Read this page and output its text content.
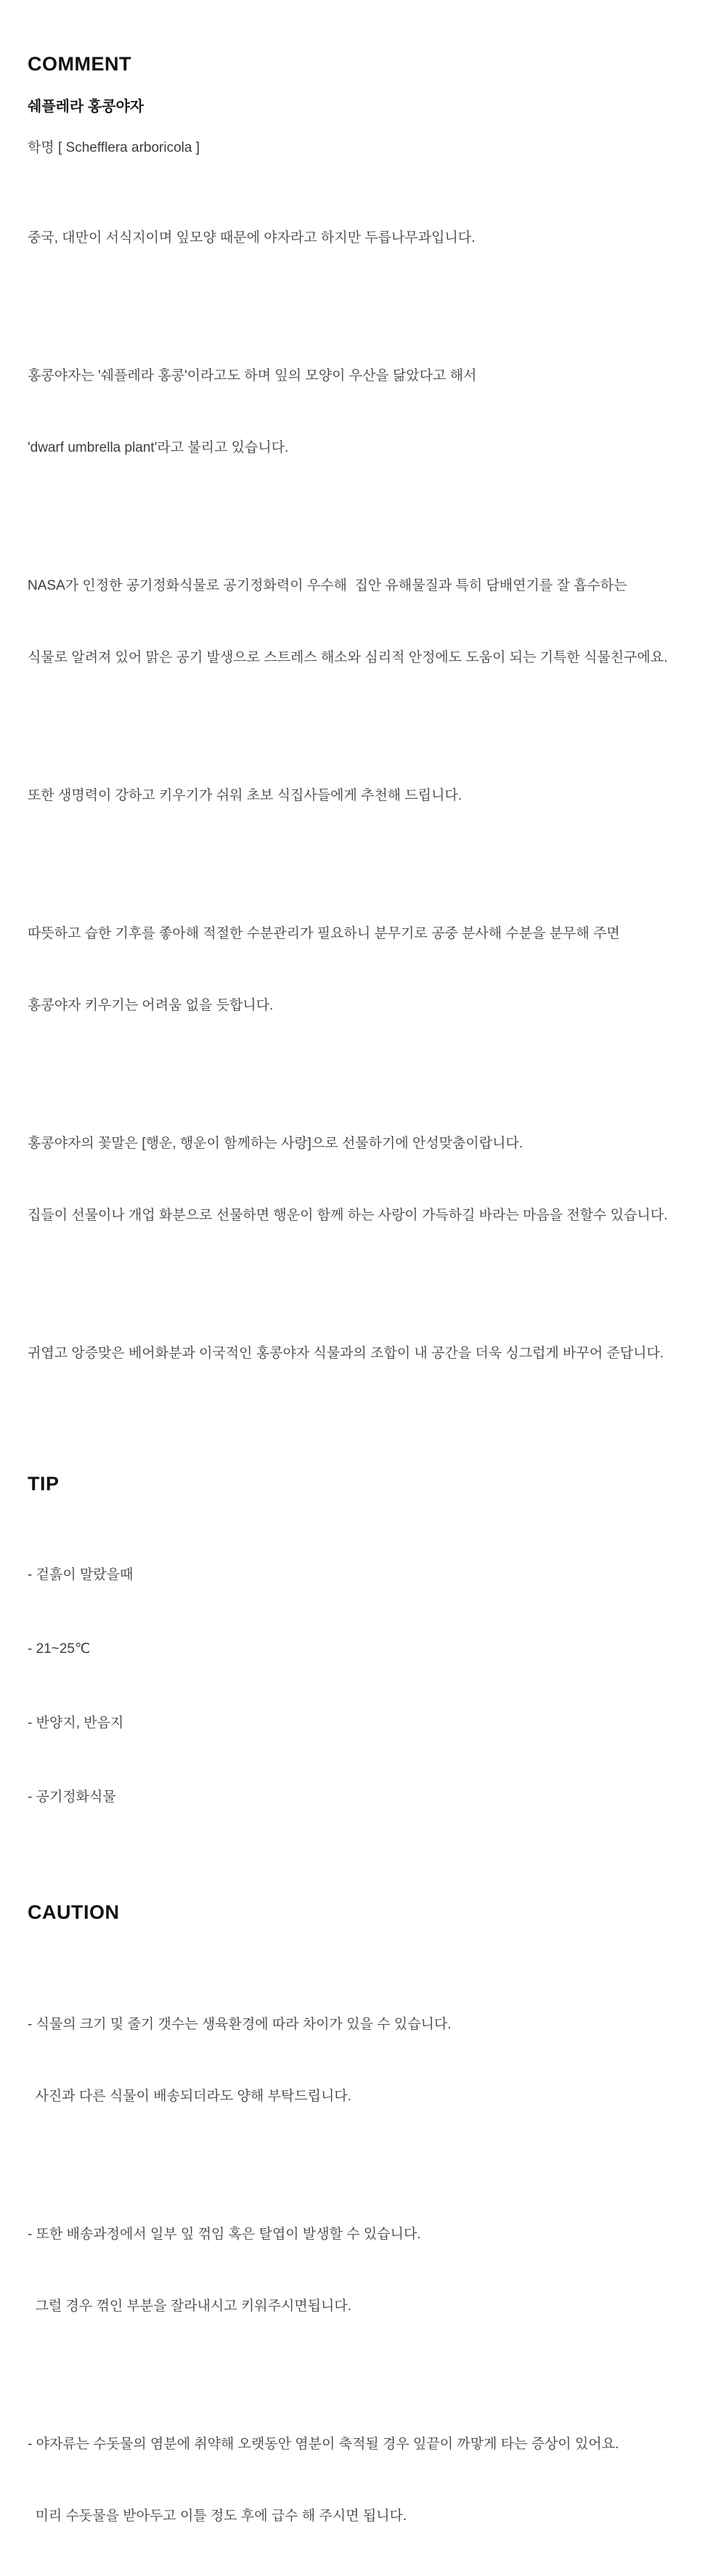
COMMENT
쉐플레라 홍콩야자

학명 [ Schefflera arboricola ]

중국, 대만이 서식지이며 잎모양 때문에 야자라고 하지만 두릅나무과입니다.

홍콩야자는 '쉐플레라 홍콩'이라고도 하며 잎의 모양이 우산을 닮았다고 해서

'dwarf umbrella plant'라고 불리고 있습니다.

NASA가 인정한 공기정화식물로 공기정화력이 우수해  집안 유해물질과 특히 담배연기를 잘 흡수하는

식물로 알려져 있어 맑은 공기 발생으로 스트레스 해소와 심리적 안정에도 도움이 되는 기특한 식물친구에요.

또한 생명력이 강하고 키우기가 쉬워 초보 식집사들에게 추천해 드립니다.

따뜻하고 습한 기후를 좋아해 적절한 수분관리가 필요하니 분무기로 공중 분사해 수분을 분무해 주면

홍콩야자 키우기는 어려움 없을 듯합니다.

홍콩야자의 꽃말은 [행운, 행운이 함께하는 사랑]으로 선물하기에 안성맞춤이랍니다.

집들이 선물이나 개업 화분으로 선물하면 행운이 함께 하는 사랑이 가득하길 바라는 마음을 전할수 있습니다.

귀엽고 앙증맞은 베어화분과 이국적인 홍콩야자 식물과의 조합이 내 공간을 더욱 싱그럽게 바꾸어 준답니다.

TIP

- 겉흙이 말랐을때

- 21~25℃

- 반양지, 반음지

- 공기정화식물

CAUTION

- 식물의 크기 및 줄기 갯수는 생육환경에 따라 차이가 있을 수 있습니다.

사진과 다른 식물이 배송되더라도 양해 부탁드립니다.

- 또한 배송과정에서 일부 잎 꺾임 혹은 탈엽이 발생할 수 있습니다.

그럴 경우 꺾인 부분을 잘라내시고 키워주시면됩니다.

- 야자류는 수돗물의 염분에 취약해 오랫동안 염분이 축적될 경우 잎끝이 까맣게 타는 증상이 있어요.

미리 수돗물을 받아두고 이틀 정도 후에 급수 해 주시면 됩니다.
